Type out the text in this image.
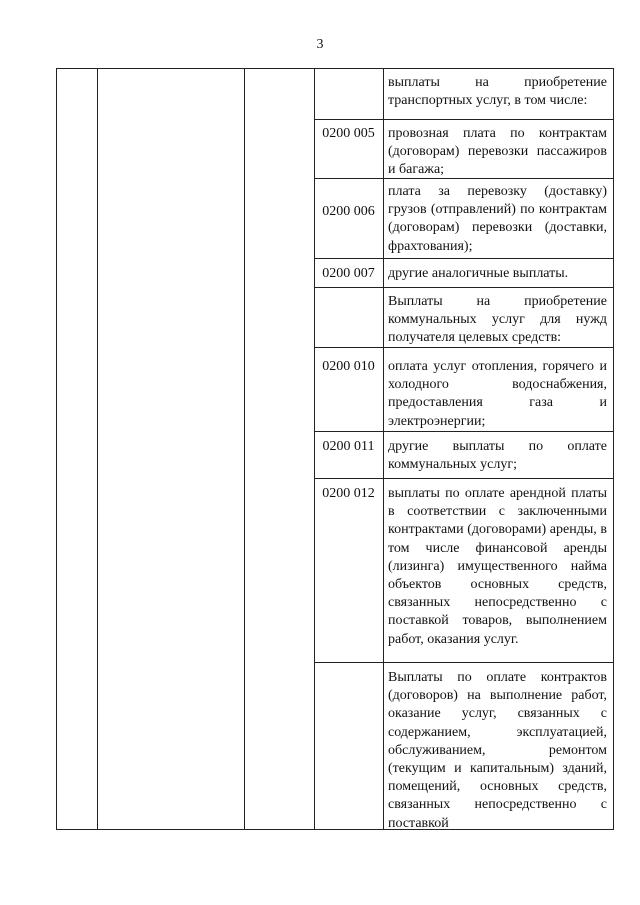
3
выплаты на приобретение транспортных услуг, в том числе:
0200 005 провозная плата по контрактам (договорам) перевозки пассажиров и багажа;
0200 006
плата за перевозку (доставку) грузов (отправлений) по контрактам (договорам) перевозки (доставки, фрахтования);
0200 007 другие аналогичные выплаты.
Выплаты на приобретение коммунальных услуг для нужд получателя целевых средств:
0200 010 оплата услуг отопления, горячего и холодного водоснабжения, предоставления газа и электроэнергии;
0200 011 другие выплаты по оплате коммунальных услуг;
0200 012 выплаты по оплате арендной платы в соответствии с заключенными контрактами (договорами) аренды, в том числе финансовой аренды (лизинга) имущественного найма объектов основных средств, связанных непосредственно с поставкой товаров, выполнением работ, оказания услуг.
Выплаты по оплате контрактов (договоров) на выполнение работ, оказание услуг, связанных с содержанием, эксплуатацией, обслуживанием, ремонтом (текущим и капитальным) зданий, помещений, основных средств, связанных непосредственно с поставкой
